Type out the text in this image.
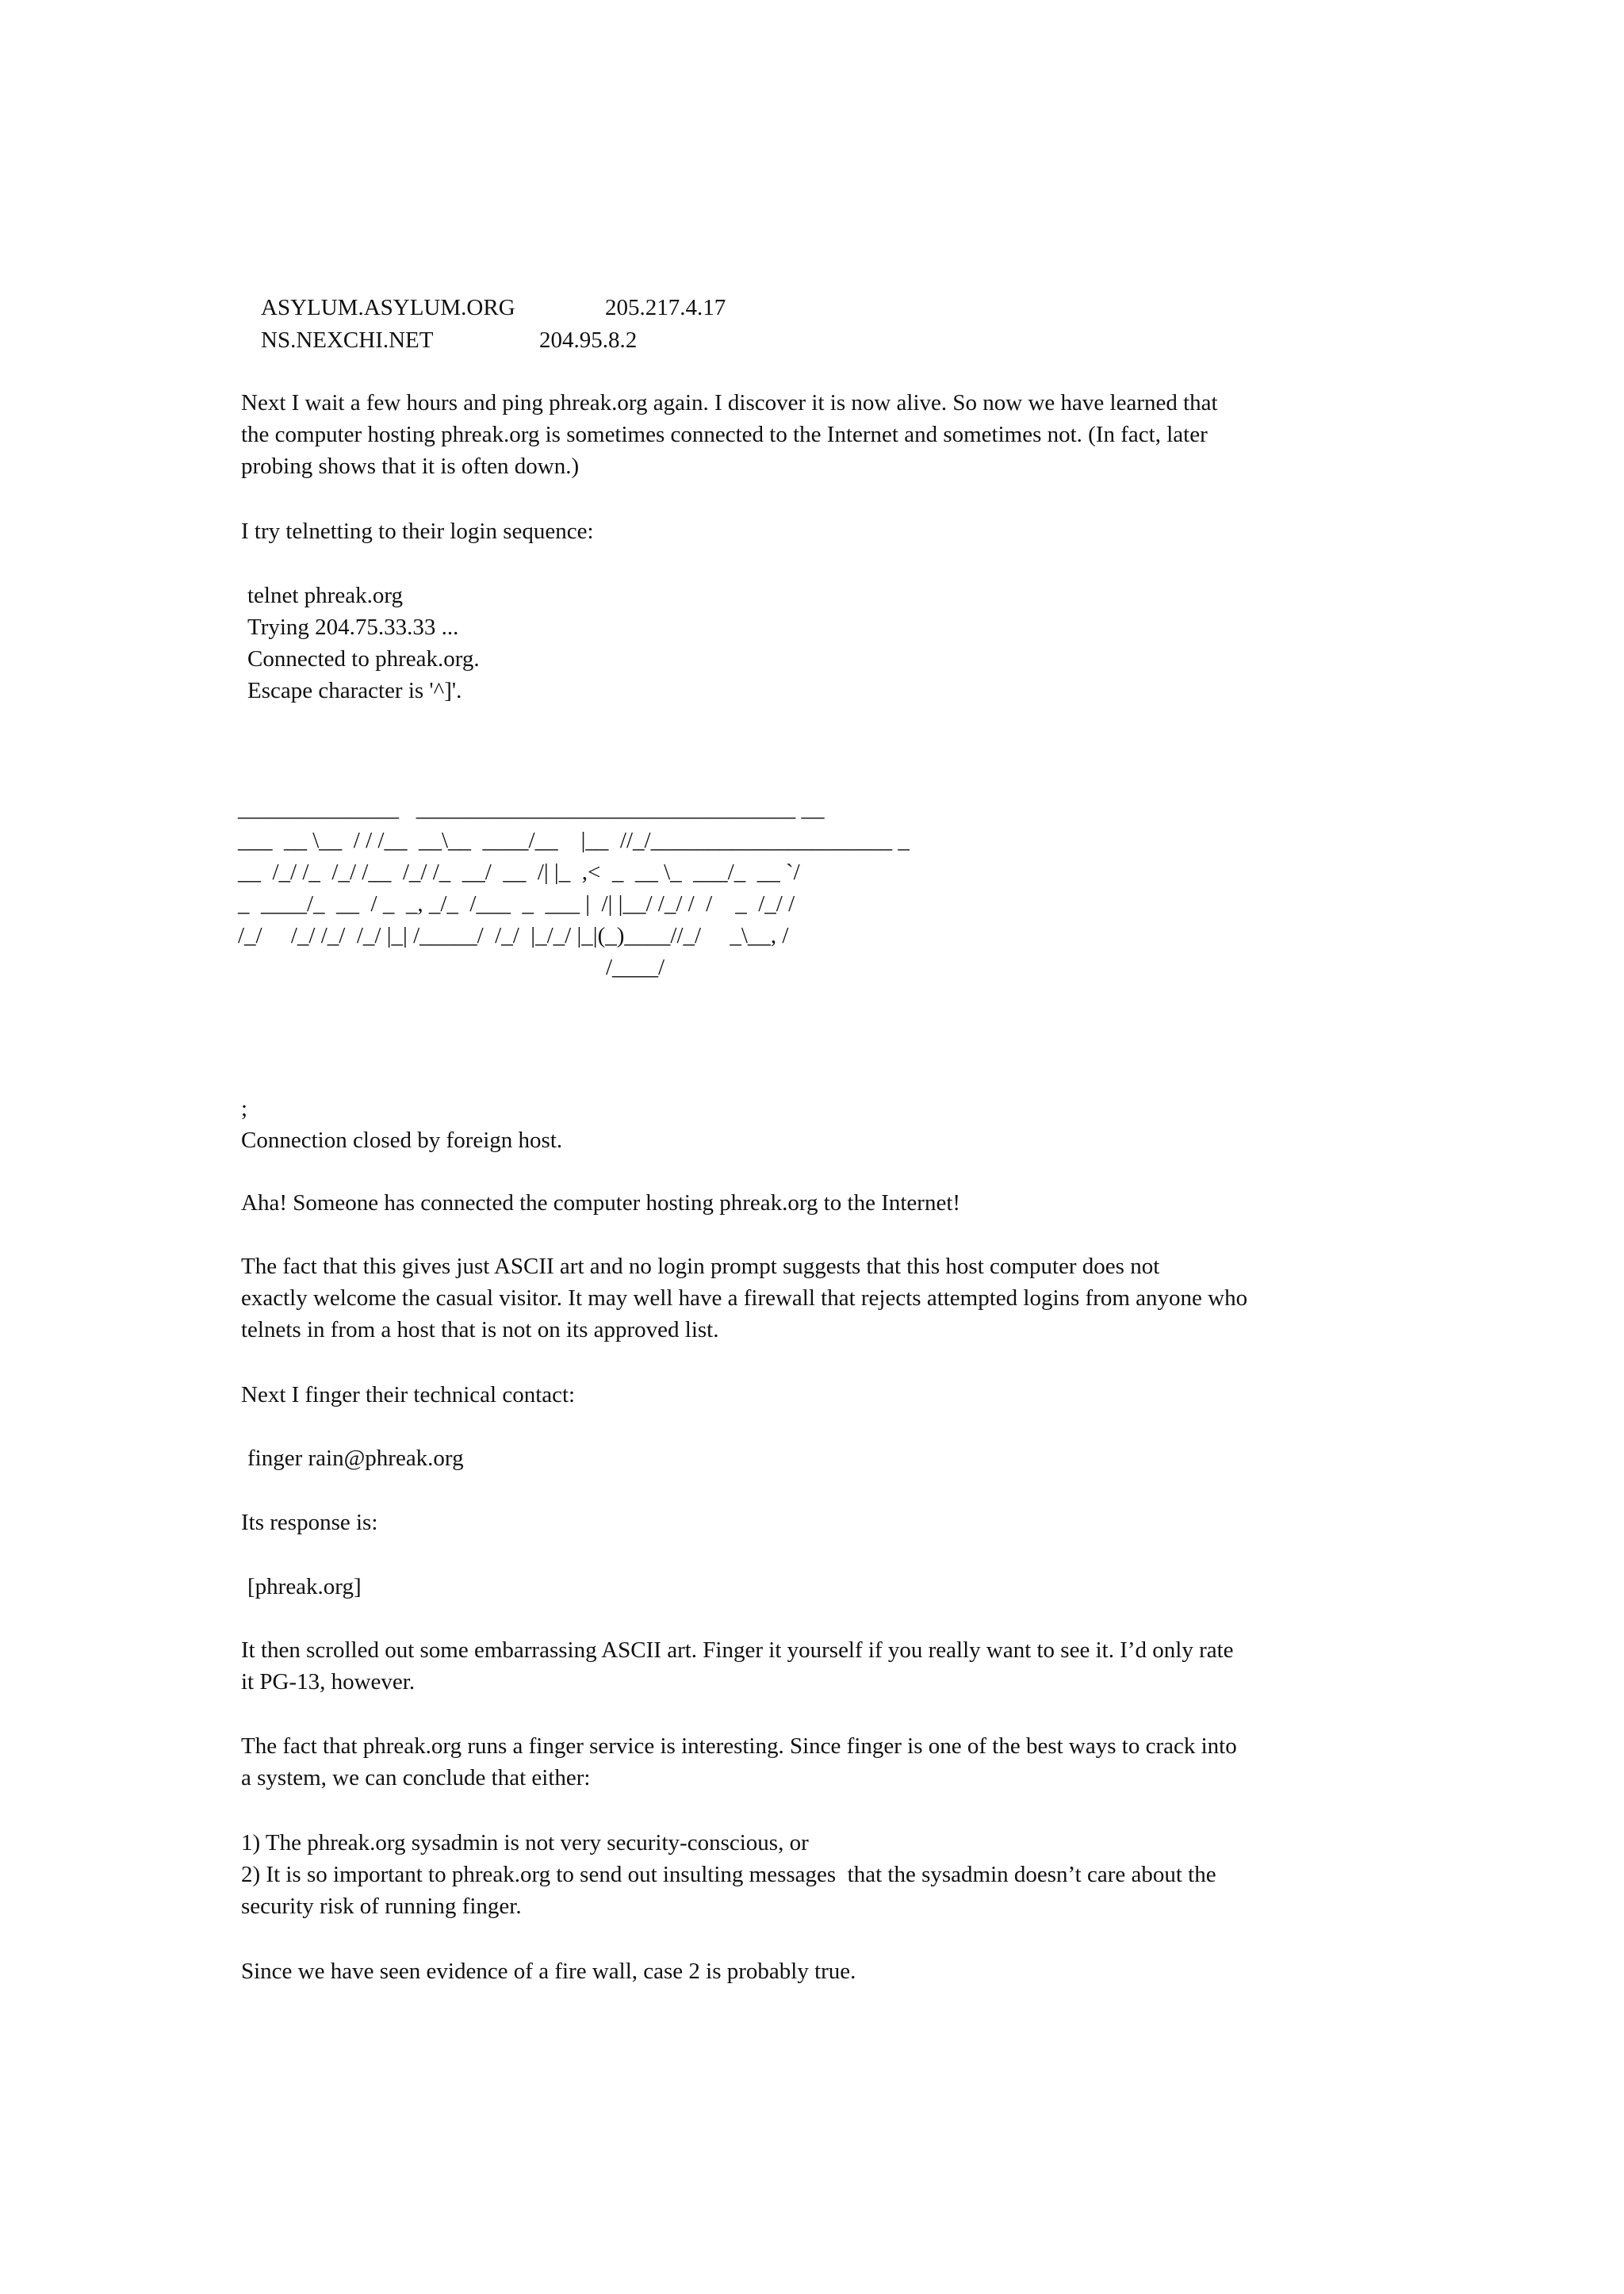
ASYLUM.ASYLUM.ORG	205.217.4.17
NS.NEXCHI.NET	204.95.8.2
Next I wait a few hours and ping phreak.org again. I discover it is now alive. So now we have learned that
the computer hosting phreak.org is sometimes connected to the Internet and sometimes not. (In fact, later
probing shows that it is often down.)
I try telnetting to their login sequence:
telnet phreak.org
Trying 204.75.33.33 ...
Connected to phreak.org.
Escape character is '^]'.
______________   _________________________________ __
___  __ \__  / / /__  __\__  ____/__    |__  //_/_____________________ _
__  /_/ /_  /_/ /__  /_/ /_  __/  __  /| |_  ,<  _  __ \_  ___/_  __ `/
_  ____/_  __  / _  _, _/_  /___  _  ___ |  /| |__/ /_/ /  /    _  /_/ /
/_/     /_/ /_/  /_/ |_| /_____/  /_/  |_/_/ |_|(_)____//_/     _\__, /
/____/
;
Connection closed by foreign host.
Aha! Someone has connected the computer hosting phreak.org to the Internet!
The fact that this gives just ASCII art and no login prompt suggests that this host computer does not
exactly welcome the casual visitor. It may well have a firewall that rejects attempted logins from anyone who
telnets in from a host that is not on its approved list.
Next I finger their technical contact:
finger rain@phreak.org
Its response is:
[phreak.org]
It then scrolled out some embarrassing ASCII art. Finger it yourself if you really want to see it. I’d only rate
it PG-13, however.
The fact that phreak.org runs a finger service is interesting. Since finger is one of the best ways to crack into
a system, we can conclude that either:
1) The phreak.org sysadmin is not very security-conscious, or
2) It is so important to phreak.org to send out insulting messages  that the sysadmin doesn’t care about the
security risk of running finger.
Since we have seen evidence of a fire wall, case 2 is probably true.
